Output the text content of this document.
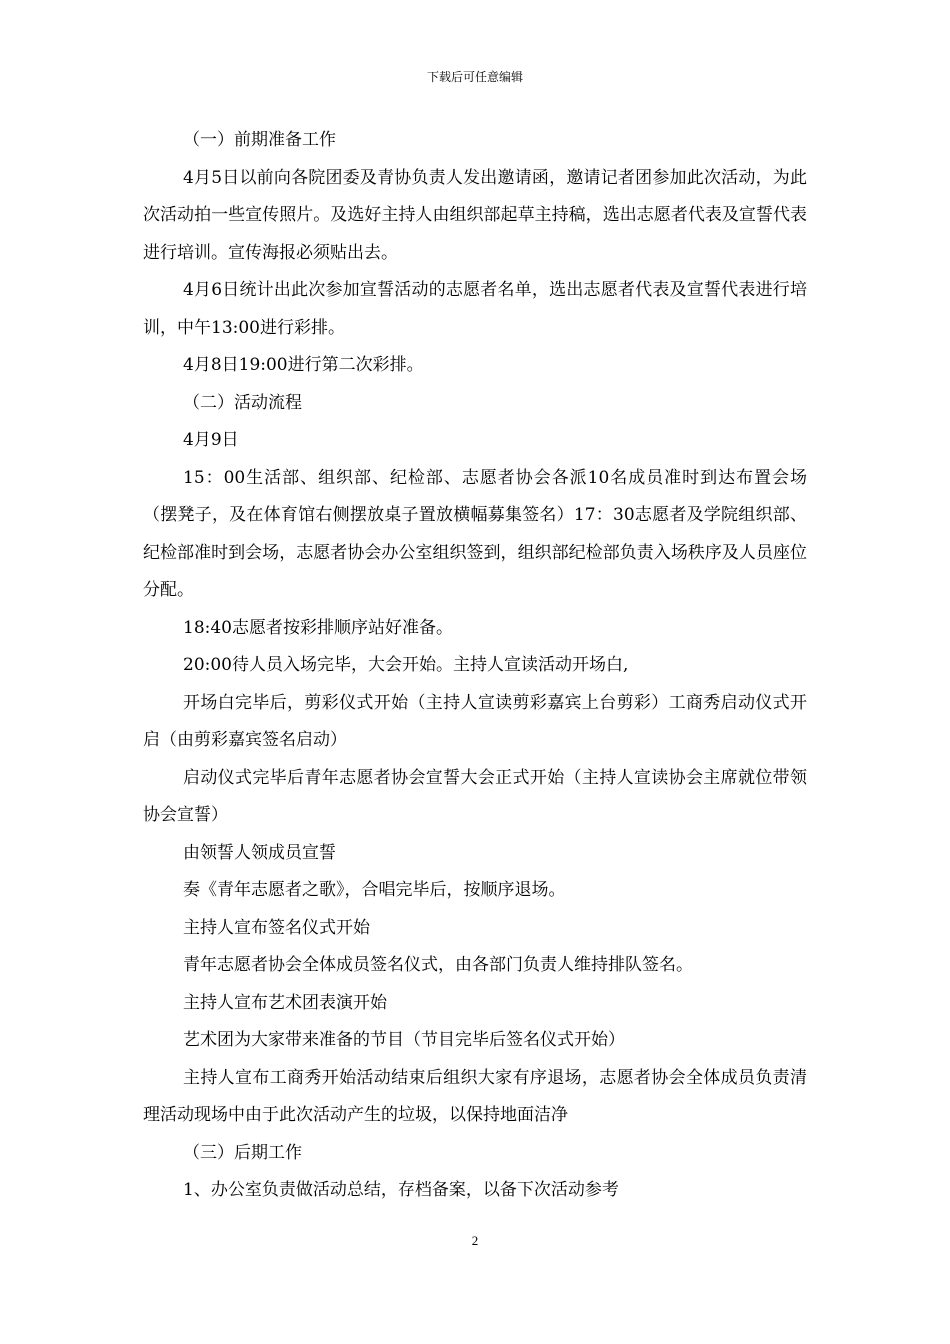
下载后可任意编辑

（一）前期准备工作

4月5日以前向各院团委及青协负责人发出邀请函，邀请记者团参加此次活动，为此次活动拍一些宣传照片。及选好主持人由组织部起草主持稿，选出志愿者代表及宣誓代表进行培训。宣传海报必须贴出去。

4月6日统计出此次参加宣誓活动的志愿者名单，选出志愿者代表及宣誓代表进行培训，中午13:00进行彩排。

4月8日19:00进行第二次彩排。

（二）活动流程

4月9日

15：00生活部、组织部、纪检部、志愿者协会各派10名成员准时到达布置会场（摆凳子，及在体育馆右侧摆放桌子置放横幅募集签名）17：30志愿者及学院组织部、纪检部准时到会场，志愿者协会办公室组织签到，组织部纪检部负责入场秩序及人员座位分配。

18:40志愿者按彩排顺序站好准备。

20:00待人员入场完毕，大会开始。主持人宣读活动开场白,

开场白完毕后，剪彩仪式开始（主持人宣读剪彩嘉宾上台剪彩）工商秀启动仪式开启（由剪彩嘉宾签名启动）

启动仪式完毕后青年志愿者协会宣誓大会正式开始（主持人宣读协会主席就位带领协会宣誓）

由领誓人领成员宣誓

奏《青年志愿者之歌》，合唱完毕后，按顺序退场。

主持人宣布签名仪式开始

青年志愿者协会全体成员签名仪式，由各部门负责人维持排队签名。

主持人宣布艺术团表演开始

艺术团为大家带来准备的节目（节目完毕后签名仪式开始）

主持人宣布工商秀开始活动结束后组织大家有序退场，志愿者协会全体成员负责清理活动现场中由于此次活动产生的垃圾，以保持地面洁净

（三）后期工作

1、办公室负责做活动总结，存档备案，以备下次活动参考

2
